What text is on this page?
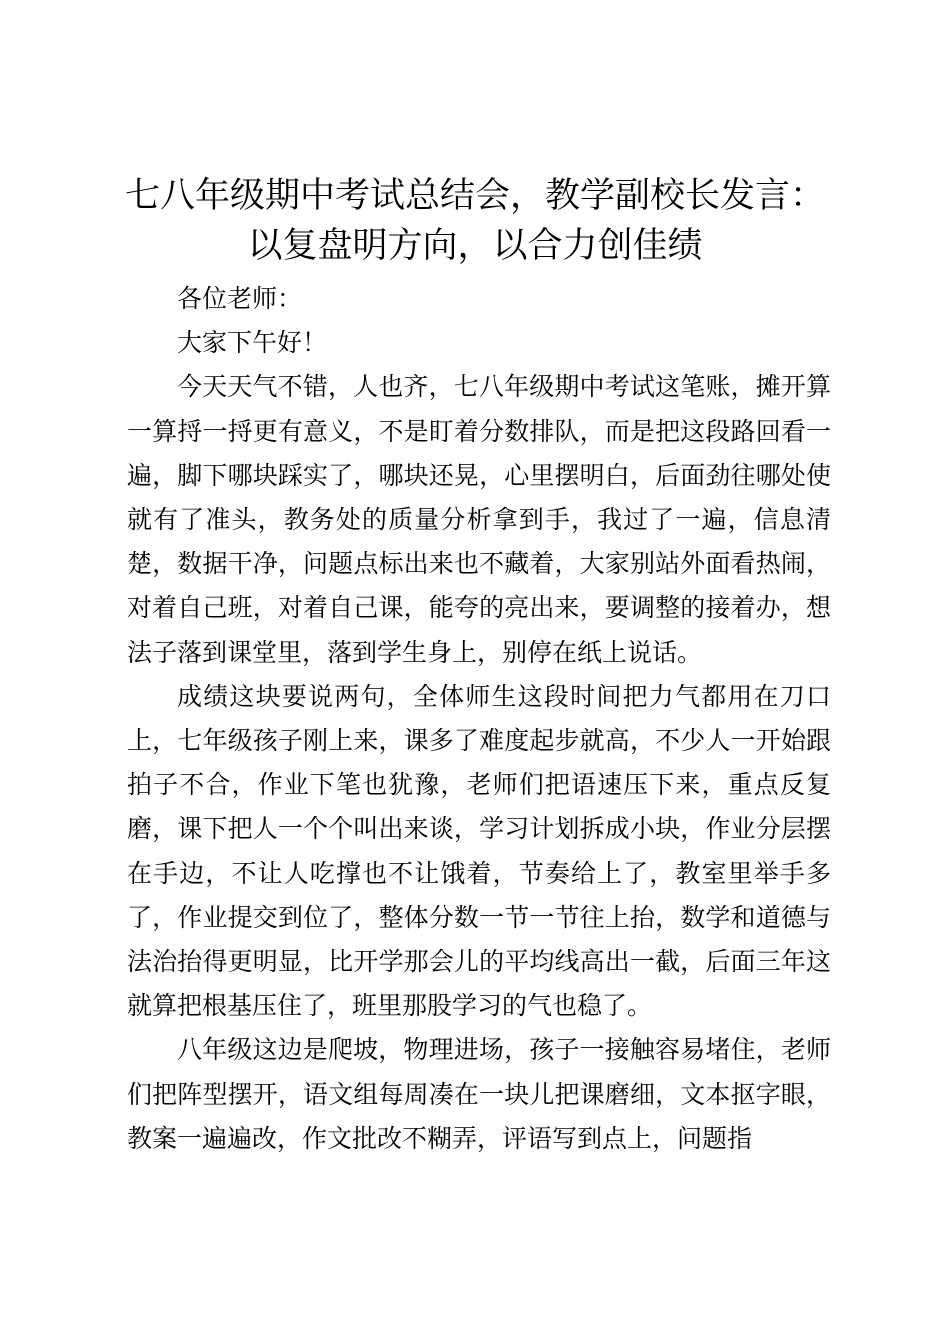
七八年级期中考试总结会，教学副校长发言：
以复盘明方向，以合力创佳绩

各位老师：

大家下午好！

今天天气不错，人也齐，七八年级期中考试这笔账，摊开算一算捋一捋更有意义，不是盯着分数排队，而是把这段路回看一遍，脚下哪块踩实了，哪块还晃，心里摆明白，后面劲往哪处使就有了准头，教务处的质量分析拿到手，我过了一遍，信息清楚，数据干净，问题点标出来也不藏着，大家别站外面看热闹，对着自己班，对着自己课，能夸的亮出来，要调整的接着办，想法子落到课堂里，落到学生身上，别停在纸上说话。

成绩这块要说两句，全体师生这段时间把力气都用在刀口上，七年级孩子刚上来，课多了难度起步就高，不少人一开始跟拍子不合，作业下笔也犹豫，老师们把语速压下来，重点反复磨，课下把人一个个叫出来谈，学习计划拆成小块，作业分层摆在手边，不让人吃撑也不让饿着，节奏给上了，教室里举手多了，作业提交到位了，整体分数一节一节往上抬，数学和道德与法治抬得更明显，比开学那会儿的平均线高出一截，后面三年这就算把根基压住了，班里那股学习的气也稳了。

八年级这边是爬坡，物理进场，孩子一接触容易堵住，老师们把阵型摆开，语文组每周凑在一块儿把课磨细，文本抠字眼，教案一遍遍改，作文批改不糊弄，评语写到点上，问题指
